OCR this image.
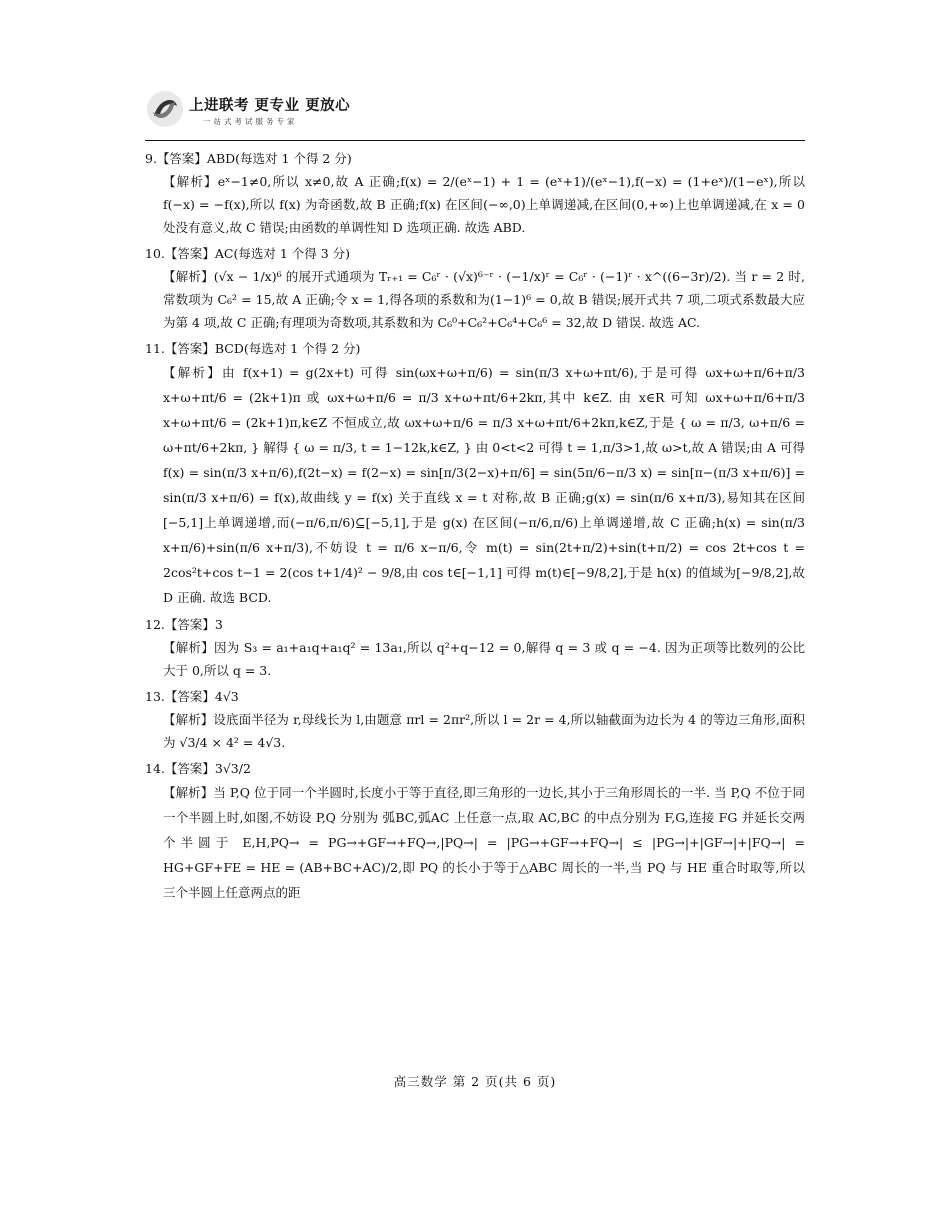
上进联考 更专业 更放心
一站式考试服务专家
9.【答案】ABD(每选对 1 个得 2 分)
【解析】eˣ−1≠0,所以 x≠0,故 A 正确;f(x) = 2/(eˣ−1) + 1 = (eˣ+1)/(eˣ−1),f(−x) = (1+eˣ)/(1−eˣ),所以 f(−x) = −f(x),所以 f(x) 为奇函数,故 B 正确;f(x) 在区间(−∞,0)上单调递减,在区间(0,+∞)上也单调递减,在 x = 0 处没有意义,故 C 错误;由函数的单调性知 D 选项正确. 故选 ABD.
10.【答案】AC(每选对 1 个得 3 分)
【解析】(√x − 1/x)⁶ 的展开式通项为 Tᵣ₊₁ = C₆ʳ · (√x)⁶⁻ʳ · (−1/x)ʳ = C₆ʳ · (−1)ʳ · x^((6−3r)/2). 当 r = 2 时,常数项为 C₆² = 15,故 A 正确;令 x = 1,得各项的系数和为(1−1)⁶ = 0,故 B 错误;展开式共 7 项,二项式系数最大应为第 4 项,故 C 正确;有理项为奇数项,其系数和为 C₆⁰+C₆²+C₆⁴+C₆⁶ = 32,故 D 错误. 故选 AC.
11.【答案】BCD(每选对 1 个得 2 分)
【解析】由 f(x+1) = g(2x+t) 可得 sin(ωx+ω+π/6) = sin(π/3 x+ω+πt/6),于是可得 ωx+ω+π/6+π/3 x+ω+πt/6 = (2k+1)π 或 ωx+ω+π/6 = π/3 x+ω+πt/6+2kπ,其中 k∈Z. 由 x∈R 可知 ωx+ω+π/6+π/3 x+ω+πt/6 = (2k+1)π,k∈Z 不恒成立,故 ωx+ω+π/6 = π/3 x+ω+πt/6+2kπ,k∈Z,于是 { ω = π/3, ω+π/6 = ω+πt/6+2kπ, } 解得 { ω = π/3, t = 1−12k,k∈Z, } 由 0<t<2 可得 t = 1,π/3>1,故 ω>t,故 A 错误;由 A 可得 f(x) = sin(π/3 x+π/6),f(2t−x) = f(2−x) = sin[π/3(2−x)+π/6] = sin(5π/6−π/3 x) = sin[π−(π/3 x+π/6)] = sin(π/3 x+π/6) = f(x),故曲线 y = f(x) 关于直线 x = t 对称,故 B 正确;g(x) = sin(π/6 x+π/3),易知其在区间[−5,1]上单调递增,而(−π/6,π/6)⊆[−5,1],于是 g(x) 在区间(−π/6,π/6)上单调递增,故 C 正确;h(x) = sin(π/3 x+π/6)+sin(π/6 x+π/3),不妨设 t = π/6 x−π/6,令 m(t) = sin(2t+π/2)+sin(t+π/2) = cos 2t+cos t = 2cos²t+cos t−1 = 2(cos t+1/4)² − 9/8,由 cos t∈[−1,1] 可得 m(t)∈[−9/8,2],于是 h(x) 的值域为[−9/8,2],故 D 正确. 故选 BCD.
12.【答案】3
【解析】因为 S₃ = a₁+a₁q+a₁q² = 13a₁,所以 q²+q−12 = 0,解得 q = 3 或 q = −4. 因为正项等比数列的公比大于 0,所以 q = 3.
13.【答案】4√3
【解析】设底面半径为 r,母线长为 l,由题意 πrl = 2πr²,所以 l = 2r = 4,所以轴截面为边长为 4 的等边三角形,面积为 √3/4 × 4² = 4√3.
14.【答案】3√3/2
【解析】当 P,Q 位于同一个半圆时,长度小于等于直径,即三角形的一边长,其小于三角形周长的一半. 当 P,Q 不位于同一个半圆上时,如图,不妨设 P,Q 分别为 弧BC,弧AC 上任意一点,取 AC,BC 的中点分别为 F,G,连接 FG 并延长交两个半圆于 E,H,PQ→ = PG→+GF→+FQ→,|PQ→| = |PG→+GF→+FQ→| ≤ |PG→|+|GF→|+|FQ→| = HG+GF+FE = HE = (AB+BC+AC)/2,即 PQ 的长小于等于△ABC 周长的一半,当 PQ 与 HE 重合时取等,所以三个半圆上任意两点的距
高三数学 第 2 页(共 6 页)
